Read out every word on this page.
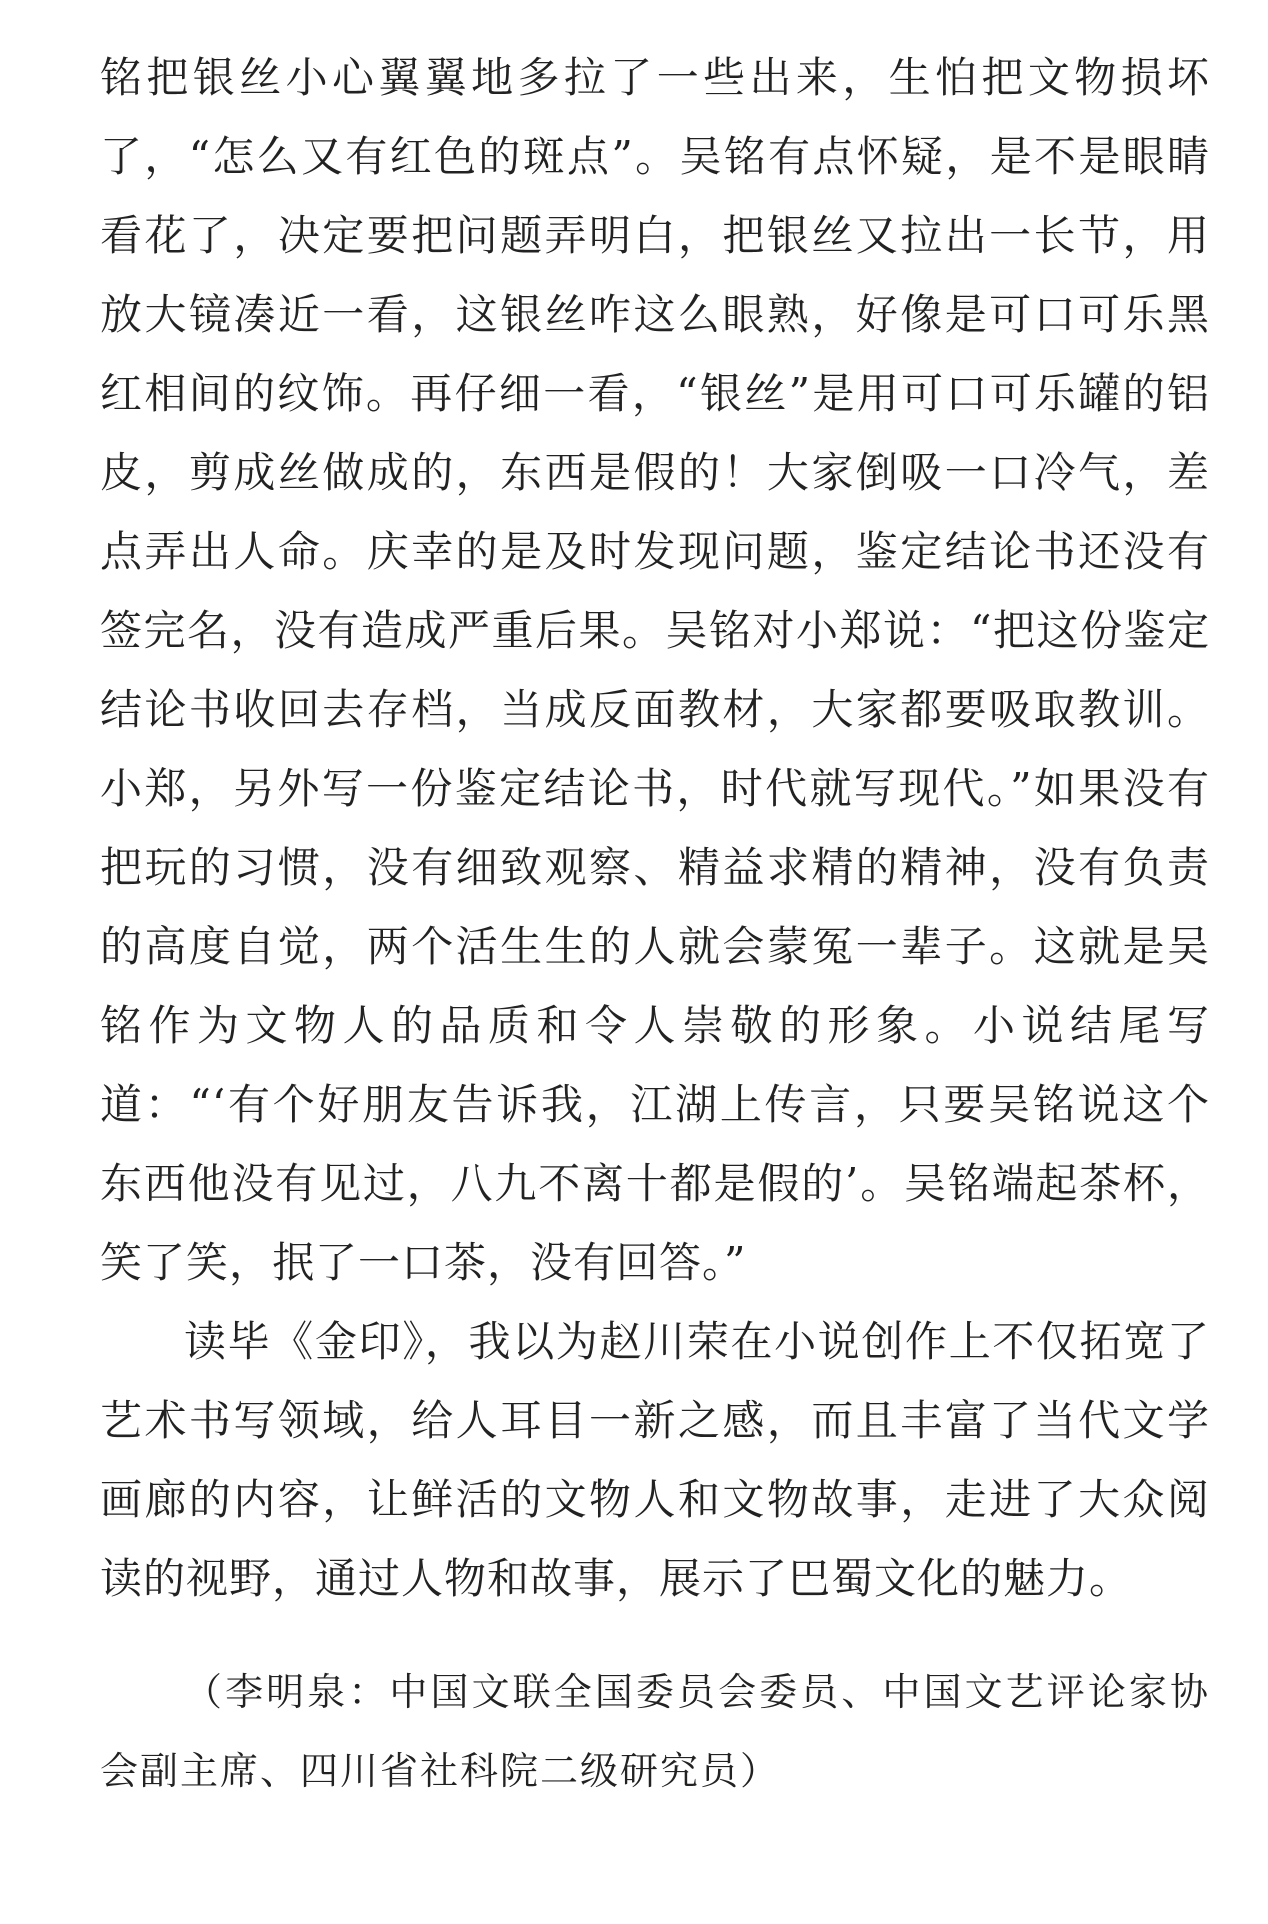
铭把银丝小心翼翼地多拉了一些出来，生怕把文物损坏了，“怎么又有红色的斑点”。吴铭有点怀疑，是不是眼睛看花了，决定要把问题弄明白，把银丝又拉出一长节，用放大镜凑近一看，这银丝咋这么眼熟，好像是可口可乐黑红相间的纹饰。再仔细一看，“银丝”是用可口可乐罐的铝皮，剪成丝做成的，东西是假的！大家倒吸一口冷气，差点弄出人命。庆幸的是及时发现问题，鉴定结论书还没有签完名，没有造成严重后果。吴铭对小郑说：“把这份鉴定结论书收回去存档，当成反面教材，大家都要吸取教训。小郑，另外写一份鉴定结论书，时代就写现代。”如果没有把玩的习惯，没有细致观察、精益求精的精神，没有负责的高度自觉，两个活生生的人就会蒙冤一辈子。这就是吴铭作为文物人的品质和令人崇敬的形象。小说结尾写道：“‘有个好朋友告诉我，江湖上传言，只要吴铭说这个东西他没有见过，八九不离十都是假的’。吴铭端起茶杯，笑了笑，抿了一口茶，没有回答。”

读毕《金印》，我以为赵川荣在小说创作上不仅拓宽了艺术书写领域，给人耳目一新之感，而且丰富了当代文学画廊的内容，让鲜活的文物人和文物故事，走进了大众阅读的视野，通过人物和故事，展示了巴蜀文化的魅力。

（李明泉：中国文联全国委员会委员、中国文艺评论家协会副主席、四川省社科院二级研究员）
